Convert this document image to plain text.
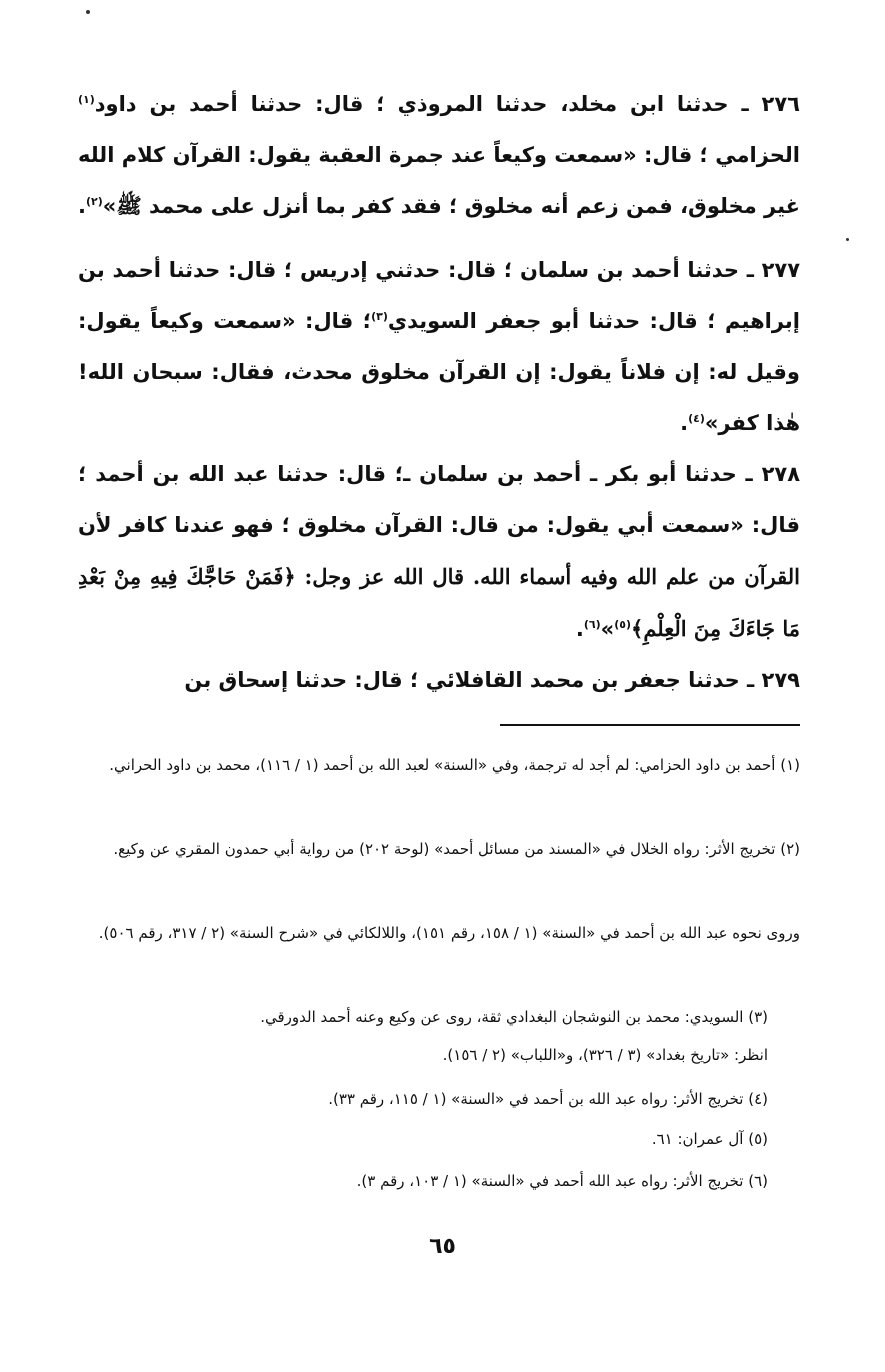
٢٧٦ ـ حدثنا ابن مخلد، حدثنا المروذي ؛ قال: حدثنا أحمد بن داود$^{(١)}$ الحزامي ؛ قال: «سمعت وكيعاً عند جمرة العقبة يقول: القرآن كلام الله غير مخلوق، فمن زعم أنه مخلوق ؛ فقد كفر بما أنزل على محمد ﷺ»$^{(٢)}$.

٢٧٧ ـ حدثنا أحمد بن سلمان ؛ قال: حدثني إدريس ؛ قال: حدثنا أحمد بن إبراهيم ؛ قال: حدثنا أبو جعفر السويدي$^{(٣)}$؛ قال: «سمعت وكيعاً يقول: وقيل له: إن فلاناً يقول: إن القرآن مخلوق محدث، فقال: سبحان الله! هٰذا كفر»$^{(٤)}$.

٢٧٨ ـ حدثنا أبو بكر ـ أحمد بن سلمان ـ؛ قال: حدثنا عبد الله بن أحمد ؛ قال: «سمعت أبي يقول: من قال: القرآن مخلوق ؛ فهو عندنا كافر لأن القرآن من علم الله وفيه أسماء الله. قال الله عز وجل: ﴿فَمَنْ حَاجَّكَ فِيهِ مِنْ بَعْدِ مَا جَاءَكَ مِنَ الْعِلْمِ﴾$^{(٥)}$»$^{(٦)}$.

٢٧٩ ـ حدثنا جعفر بن محمد القافلائي ؛ قال: حدثنا إسحاق بن

(١) أحمد بن داود الحزامي: لم أجد له ترجمة، وفي «السنة» لعبد الله بن أحمد (١ / ١١٦)، محمد بن داود الحراني.

(٢) تخريج الأثر: رواه الخلال في «المسند من مسائل أحمد» (لوحة ٢٠٢) من رواية أبي حمدون المقري عن وكيع.

وروى نحوه عبد الله بن أحمد في «السنة» (١ / ١٥٨، رقم ١٥١)، واللالكائي في «شرح السنة» (٢ / ٣١٧، رقم ٥٠٦).

(٣) السويدي: محمد بن النوشجان البغدادي ثقة، روى عن وكيع وعنه أحمد الدورقي.

انظر: «تاريخ بغداد» (٣ / ٣٢٦)، و«اللباب» (٢ / ١٥٦).

(٤) تخريج الأثر: رواه عبد الله بن أحمد في «السنة» (١ / ١١٥، رقم ٣٣).

(٥) آل عمران: ٦١.

(٦) تخريج الأثر: رواه عبد الله أحمد في «السنة» (١ / ١٠٣، رقم ٣).

٦٥
